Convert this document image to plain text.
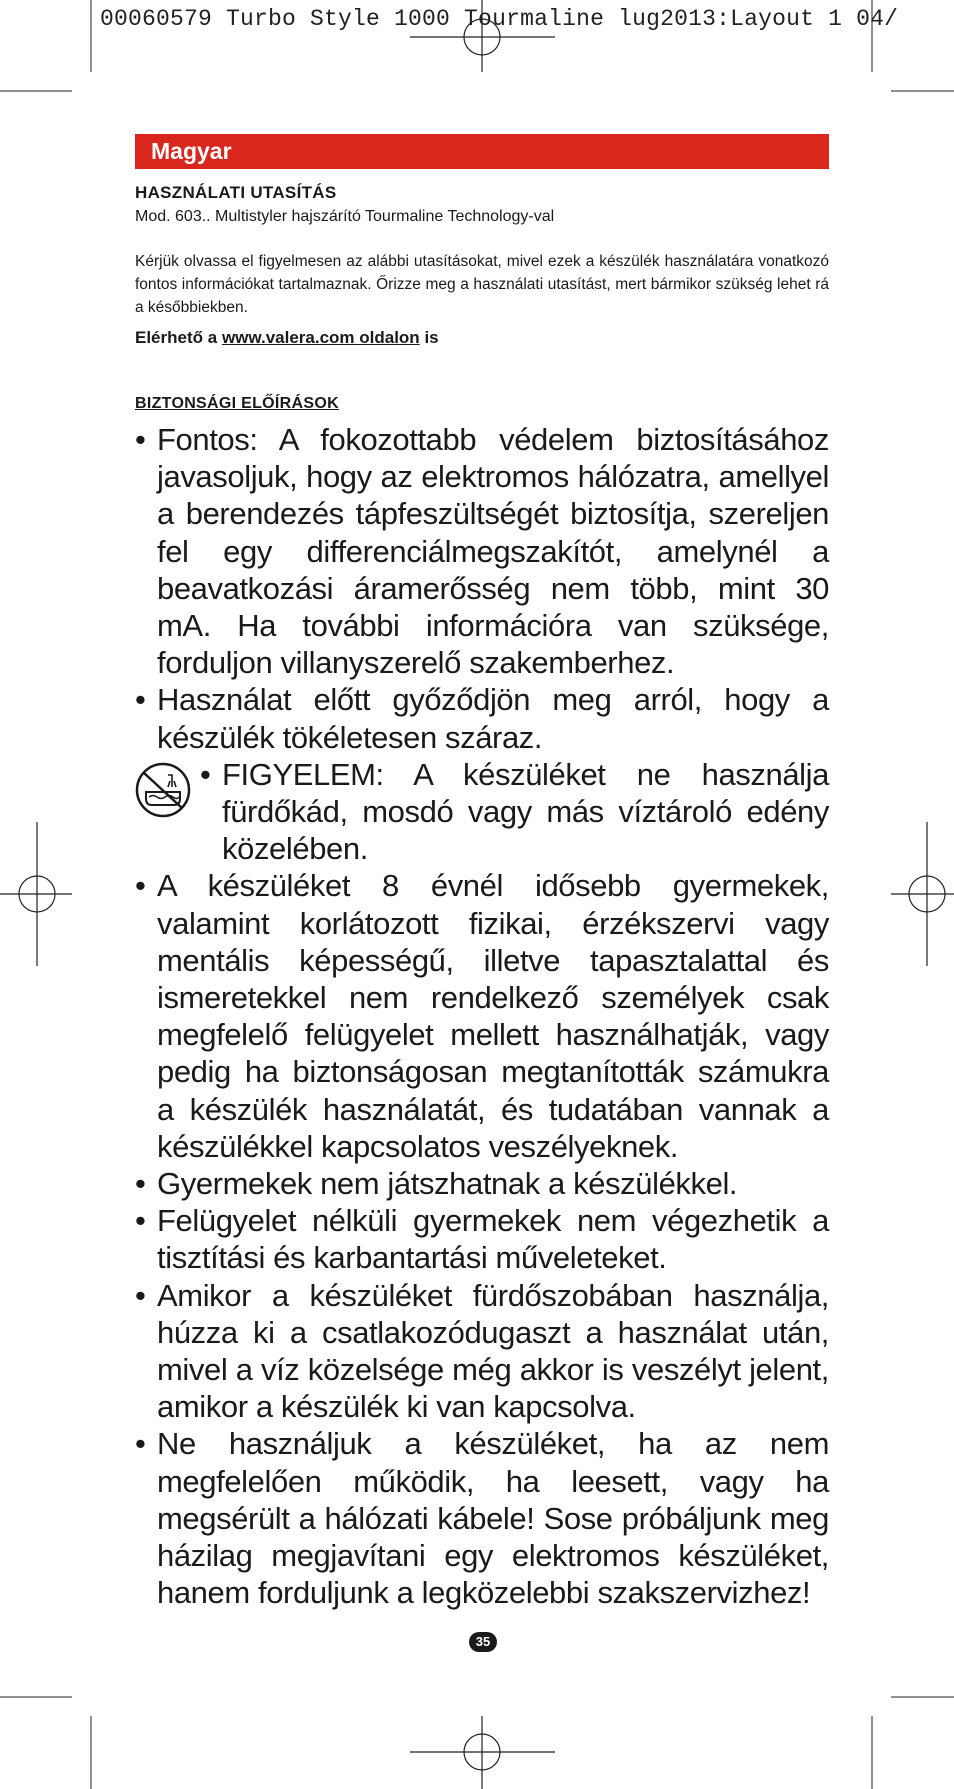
00060579 Turbo Style 1000 Tourmaline lug2013:Layout 1 04/
Magyar
HASZNÁLATI UTASÍTÁS
Mod. 603.. Multistyler hajszárító Tourmaline Technology-val
Kérjük olvassa el figyelmesen az alábbi utasításokat, mivel ezek a készülék használatára vonatkozó fontos információkat tartalmaznak. Őrizze meg a használati utasítást, mert bármikor szükség lehet rá a későbbiekben.
Elérhető a www.valera.com oldalon is
BIZTONSÁGI ELŐÍRÁSOK
• Fontos: A fokozottabb védelem biztosításához javasoljuk, hogy az elektromos hálózatra, amellyel a berendezés tápfeszültségét biztosítja, szereljen fel egy differenciálmegszakítót, amelynél a beavatkozási áramerősség nem több, mint 30 mA. Ha további információra van szüksége, forduljon villanyszerelő szakemberhez.
• Használat előtt győződjön meg arról, hogy a készülék tökéletesen száraz.
• FIGYELEM: A készüléket ne használja fürdőkád, mosdó vagy más víztároló edény közelében.
• A készüléket 8 évnél idősebb gyermekek, valamint korlátozott fizikai, érzékszervi vagy mentális képességű, illetve tapasztalattal és ismeretekkel nem rendelkező személyek csak megfelelő felügyelet mellett használhatják, vagy pedig ha biztonságosan megtanították számukra a készülék használatát, és tudatában vannak a készülékkel kapcsolatos veszélyeknek.
• Gyermekek nem játszhatnak a készülékkel.
• Felügyelet nélküli gyermekek nem végezhetik a tisztítási és karbantartási műveleteket.
• Amikor a készüléket fürdőszobában használja, húzza ki a csatlakozódugaszt a használat után, mivel a víz közelsége még akkor is veszélyt jelent, amikor a készülék ki van kapcsolva.
• Ne használjuk a készüléket, ha az nem megfelelően működik, ha leesett, vagy ha megsérült a hálózati kábele! Sose próbáljunk meg házilag megjavítani egy elektromos készüléket, hanem forduljunk a legközelebbi szakszervizhez!
35
